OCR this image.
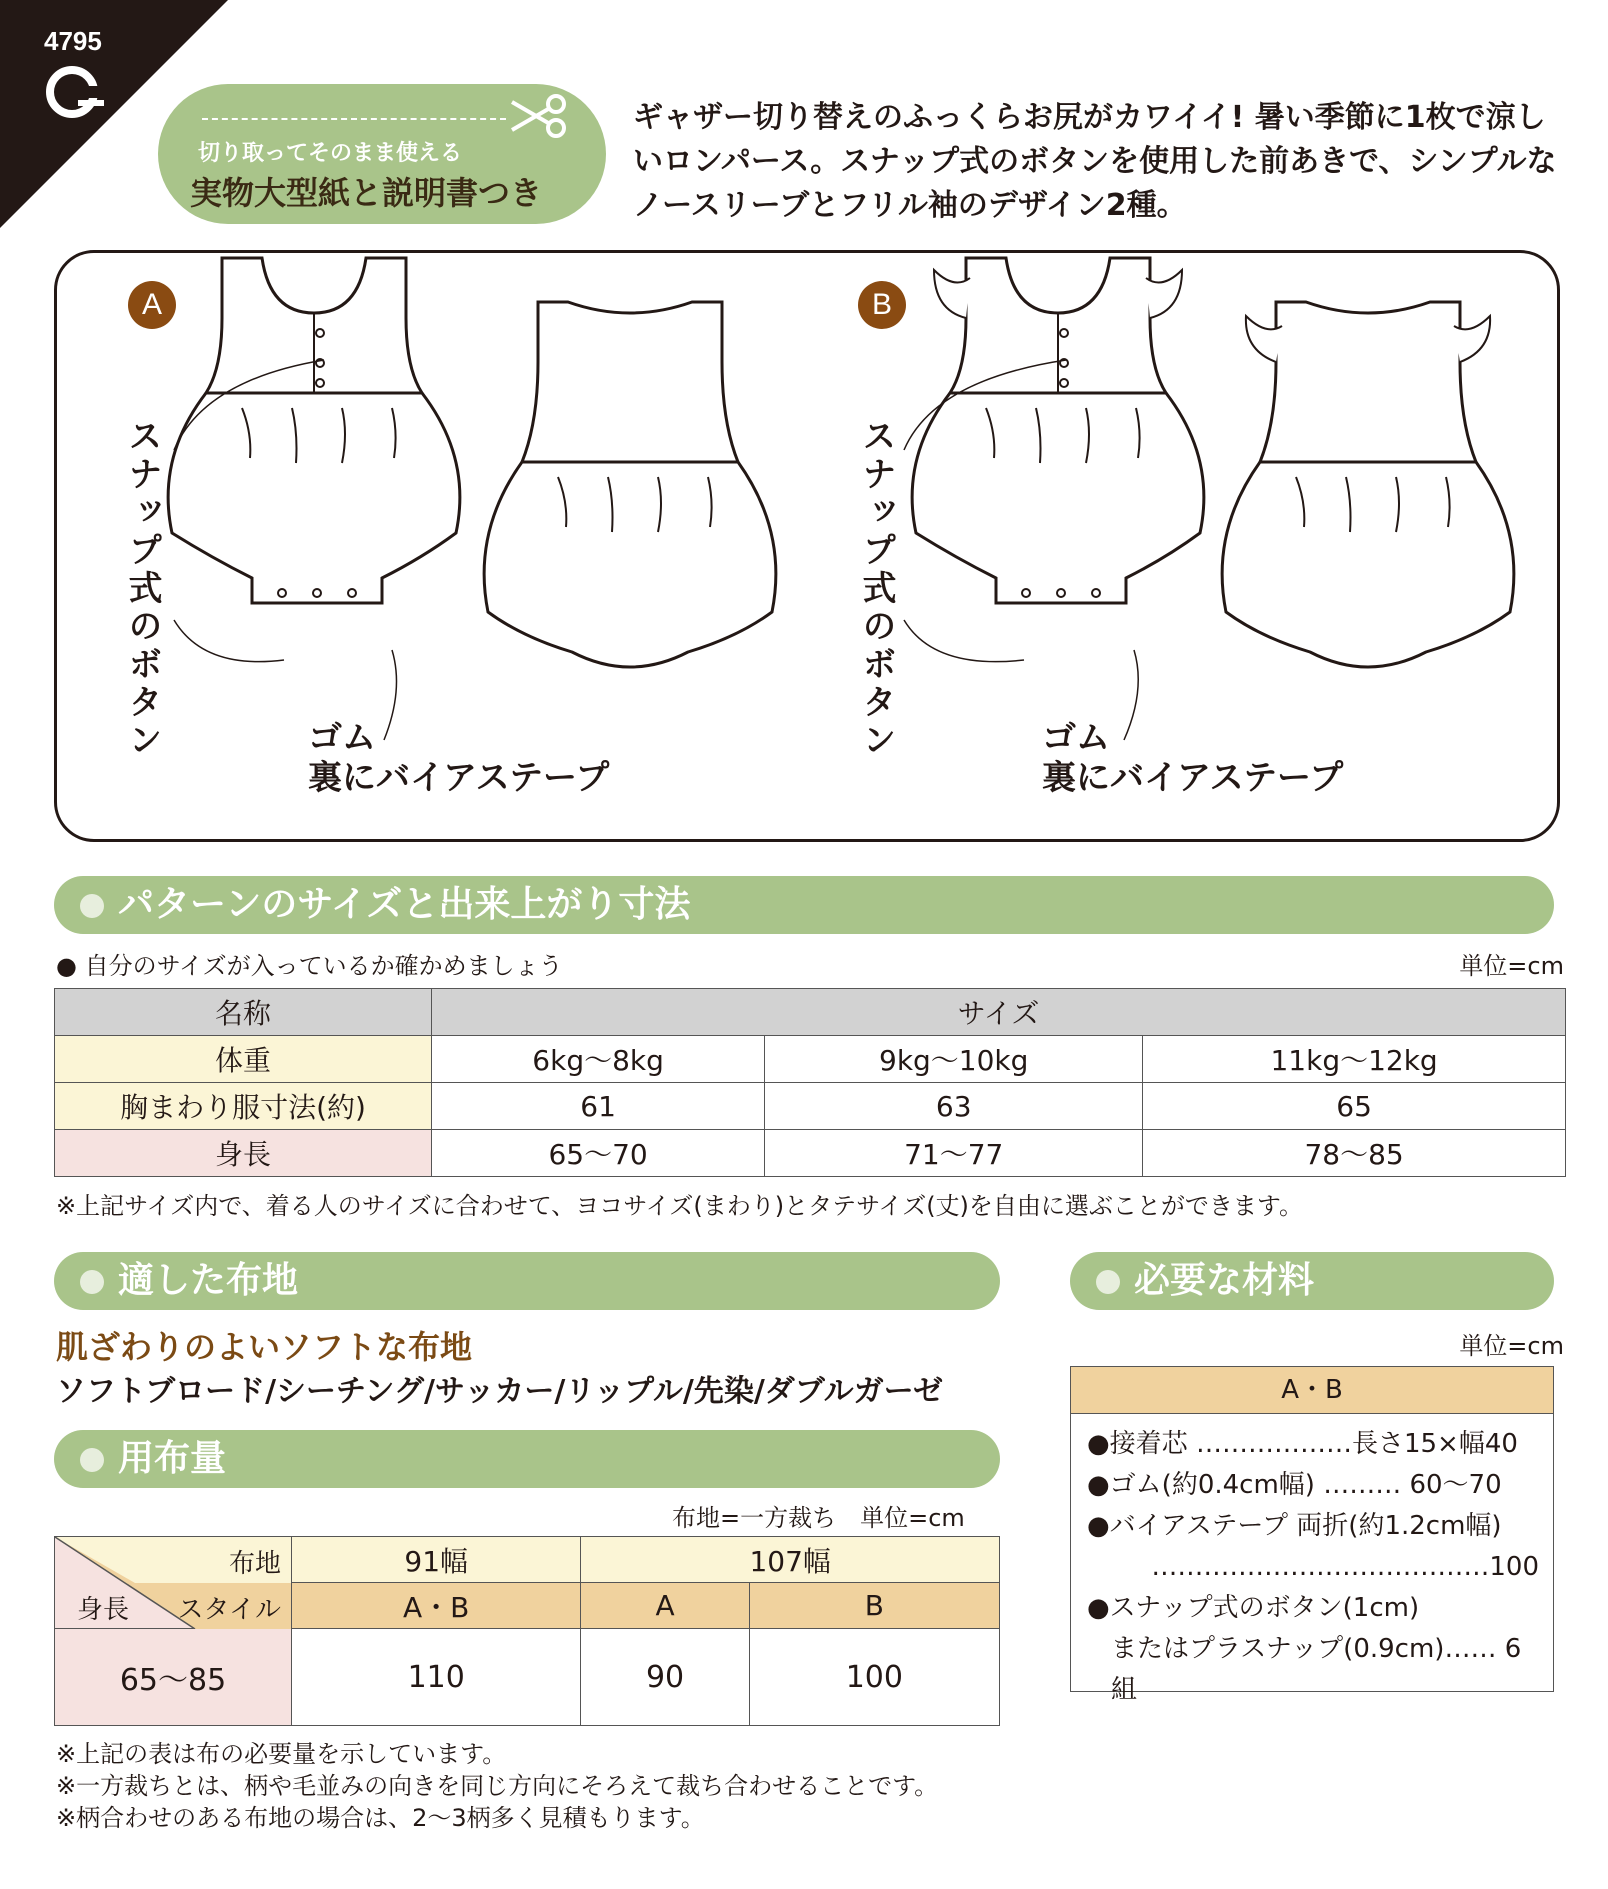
4795
切り取ってそのまま使える
実物大型紙と説明書つき
ギャザー切り替えのふっくらお尻がカワイイ! 暑い季節に1枚で涼しいロンパース。スナップ式のボタンを使用した前あきで、シンプルなノースリーブとフリル袖のデザイン2種。
A	B
スナップ式のボタン	スナップ式のボタン
ゴム
裏にバイアステープ
ゴム
裏にバイアステープ
パターンのサイズと出来上がり寸法
● 自分のサイズが入っているか確かめましょう	単位=cm
名称	サイズ		
体重	6kg〜8kg	9kg〜10kg	11kg〜12kg
胸まわり服寸法(約)	61	63	65
身長	65〜70	71〜77	78〜85
※上記サイズ内で、着る人のサイズに合わせて、ヨコサイズ(まわり)とタテサイズ(丈)を自由に選ぶことができます。
適した布地
肌ざわりのよいソフトな布地
ソフトブロード/シーチング/サッカー/リップル/先染/ダブルガーゼ
用布量
布地=一方裁ち　単位=cm
布地
スタイル
身長	91幅	107幅	
	A・B	A	B
65〜85	110	90	100
※上記の表は布の必要量を示しています。
※一方裁ちとは、柄や毛並みの向きを同じ方向にそろえて裁ち合わせることです。
※柄合わせのある布地の場合は、2〜3柄多く見積もります。
必要な材料
単位=cm
A・B
●接着芯 ………………長さ15×幅40
●ゴム(約0.4cm幅) ……… 60〜70
●バイアステープ 両折(約1.2cm幅)
…………………………………100
●スナップ式のボタン(1cm)
またはプラスナップ(0.9cm)…… 6組
